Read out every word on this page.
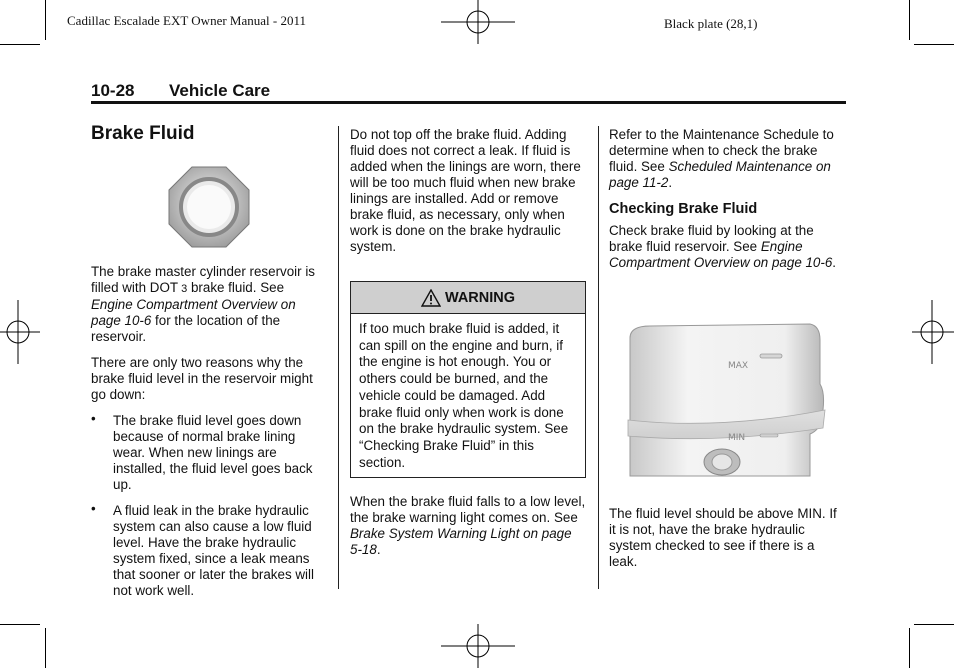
Cadillac Escalade EXT Owner Manual - 2011	Black plate (28,1)
10-28 Vehicle Care
Brake Fluid

The brake master cylinder reservoir is filled with DOT 3 brake fluid. See Engine Compartment Overview on page 10-6 for the location of the reservoir.

There are only two reasons why the brake fluid level in the reservoir might go down:

• The brake fluid level goes down because of normal brake lining wear. When new linings are installed, the fluid level goes back up.
• A fluid leak in the brake hydraulic system can also cause a low fluid level. Have the brake hydraulic system fixed, since a leak means that sooner or later the brakes will not work well.

Do not top off the brake fluid. Adding fluid does not correct a leak. If fluid is added when the linings are worn, there will be too much fluid when new brake linings are installed. Add or remove brake fluid, as necessary, only when work is done on the brake hydraulic system.

WARNING
If too much brake fluid is added, it can spill on the engine and burn, if the engine is hot enough. You or others could be burned, and the vehicle could be damaged. Add brake fluid only when work is done on the brake hydraulic system. See “Checking Brake Fluid” in this section.

When the brake fluid falls to a low level, the brake warning light comes on. See Brake System Warning Light on page 5-18.

Refer to the Maintenance Schedule to determine when to check the brake fluid. See Scheduled Maintenance on page 11-2.

Checking Brake Fluid

Check brake fluid by looking at the brake fluid reservoir. See Engine Compartment Overview on page 10-6.

MAX
MIN

The fluid level should be above MIN. If it is not, have the brake hydraulic system checked to see if there is a leak.
